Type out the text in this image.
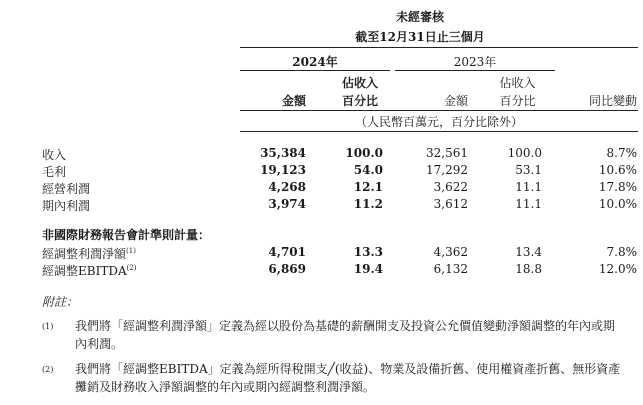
未經審核
截至12月31日止三個月
2024年	2023年
佔收入	佔收入
金額	百分比	金額	百分比	同比變動
（人民幣百萬元，百分比除外）
收入	35,384	100.0	32,561	100.0	8.7%
毛利	19,123	54.0	17,292	53.1	10.6%
經營利潤	4,268	12.1	3,622	11.1	17.8%
期內利潤	3,974	11.2	3,612	11.1	10.0%
非國際財務報告會計準則計量：
經調整利潤淨額$^{(1)}$	4,701	13.3	4,362	13.4	7.8%
經調整EBITDA$^{(2)}$	6,869	19.4	6,132	18.8	12.0%
附註：
(1) 我們將「經調整利潤淨額」定義為經以股份為基礎的薪酬開支及投資公允價值變動淨額調整的年內或期內利潤。
(2) 我們將「經調整EBITDA」定義為經所得稅開支╱(收益)、物業及設備折舊、使用權資產折舊、無形資產攤銷及財務收入淨額調整的年內或期內經調整利潤淨額。
